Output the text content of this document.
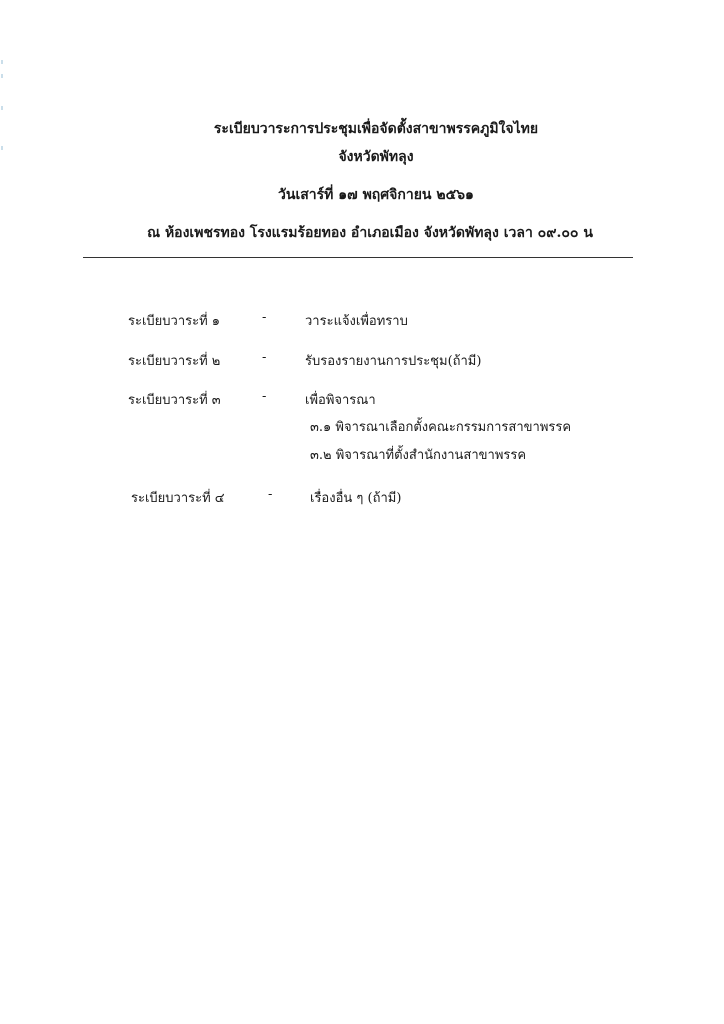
ระเบียบวาระการประชุมเพื่อจัดตั้งสาขาพรรคภูมิใจไทย
จังหวัดพัทลุง
วันเสาร์ที่ ๑๗ พฤศจิกายน ๒๕๖๑
ณ ห้องเพชรทอง โรงแรมร้อยทอง อำเภอเมือง จังหวัดพัทลุง เวลา ๐๙.๐๐ น
ระเบียบวาระที่ ๑	-	วาระแจ้งเพื่อทราบ
ระเบียบวาระที่ ๒	-	รับรองรายงานการประชุม(ถ้ามี)
ระเบียบวาระที่ ๓	-	เพื่อพิจารณา
๓.๑ พิจารณาเลือกตั้งคณะกรรมการสาขาพรรค
๓.๒ พิจารณาที่ตั้งสำนักงานสาขาพรรค
ระเบียบวาระที่ ๔	-	เรื่องอื่น ๆ (ถ้ามี)
